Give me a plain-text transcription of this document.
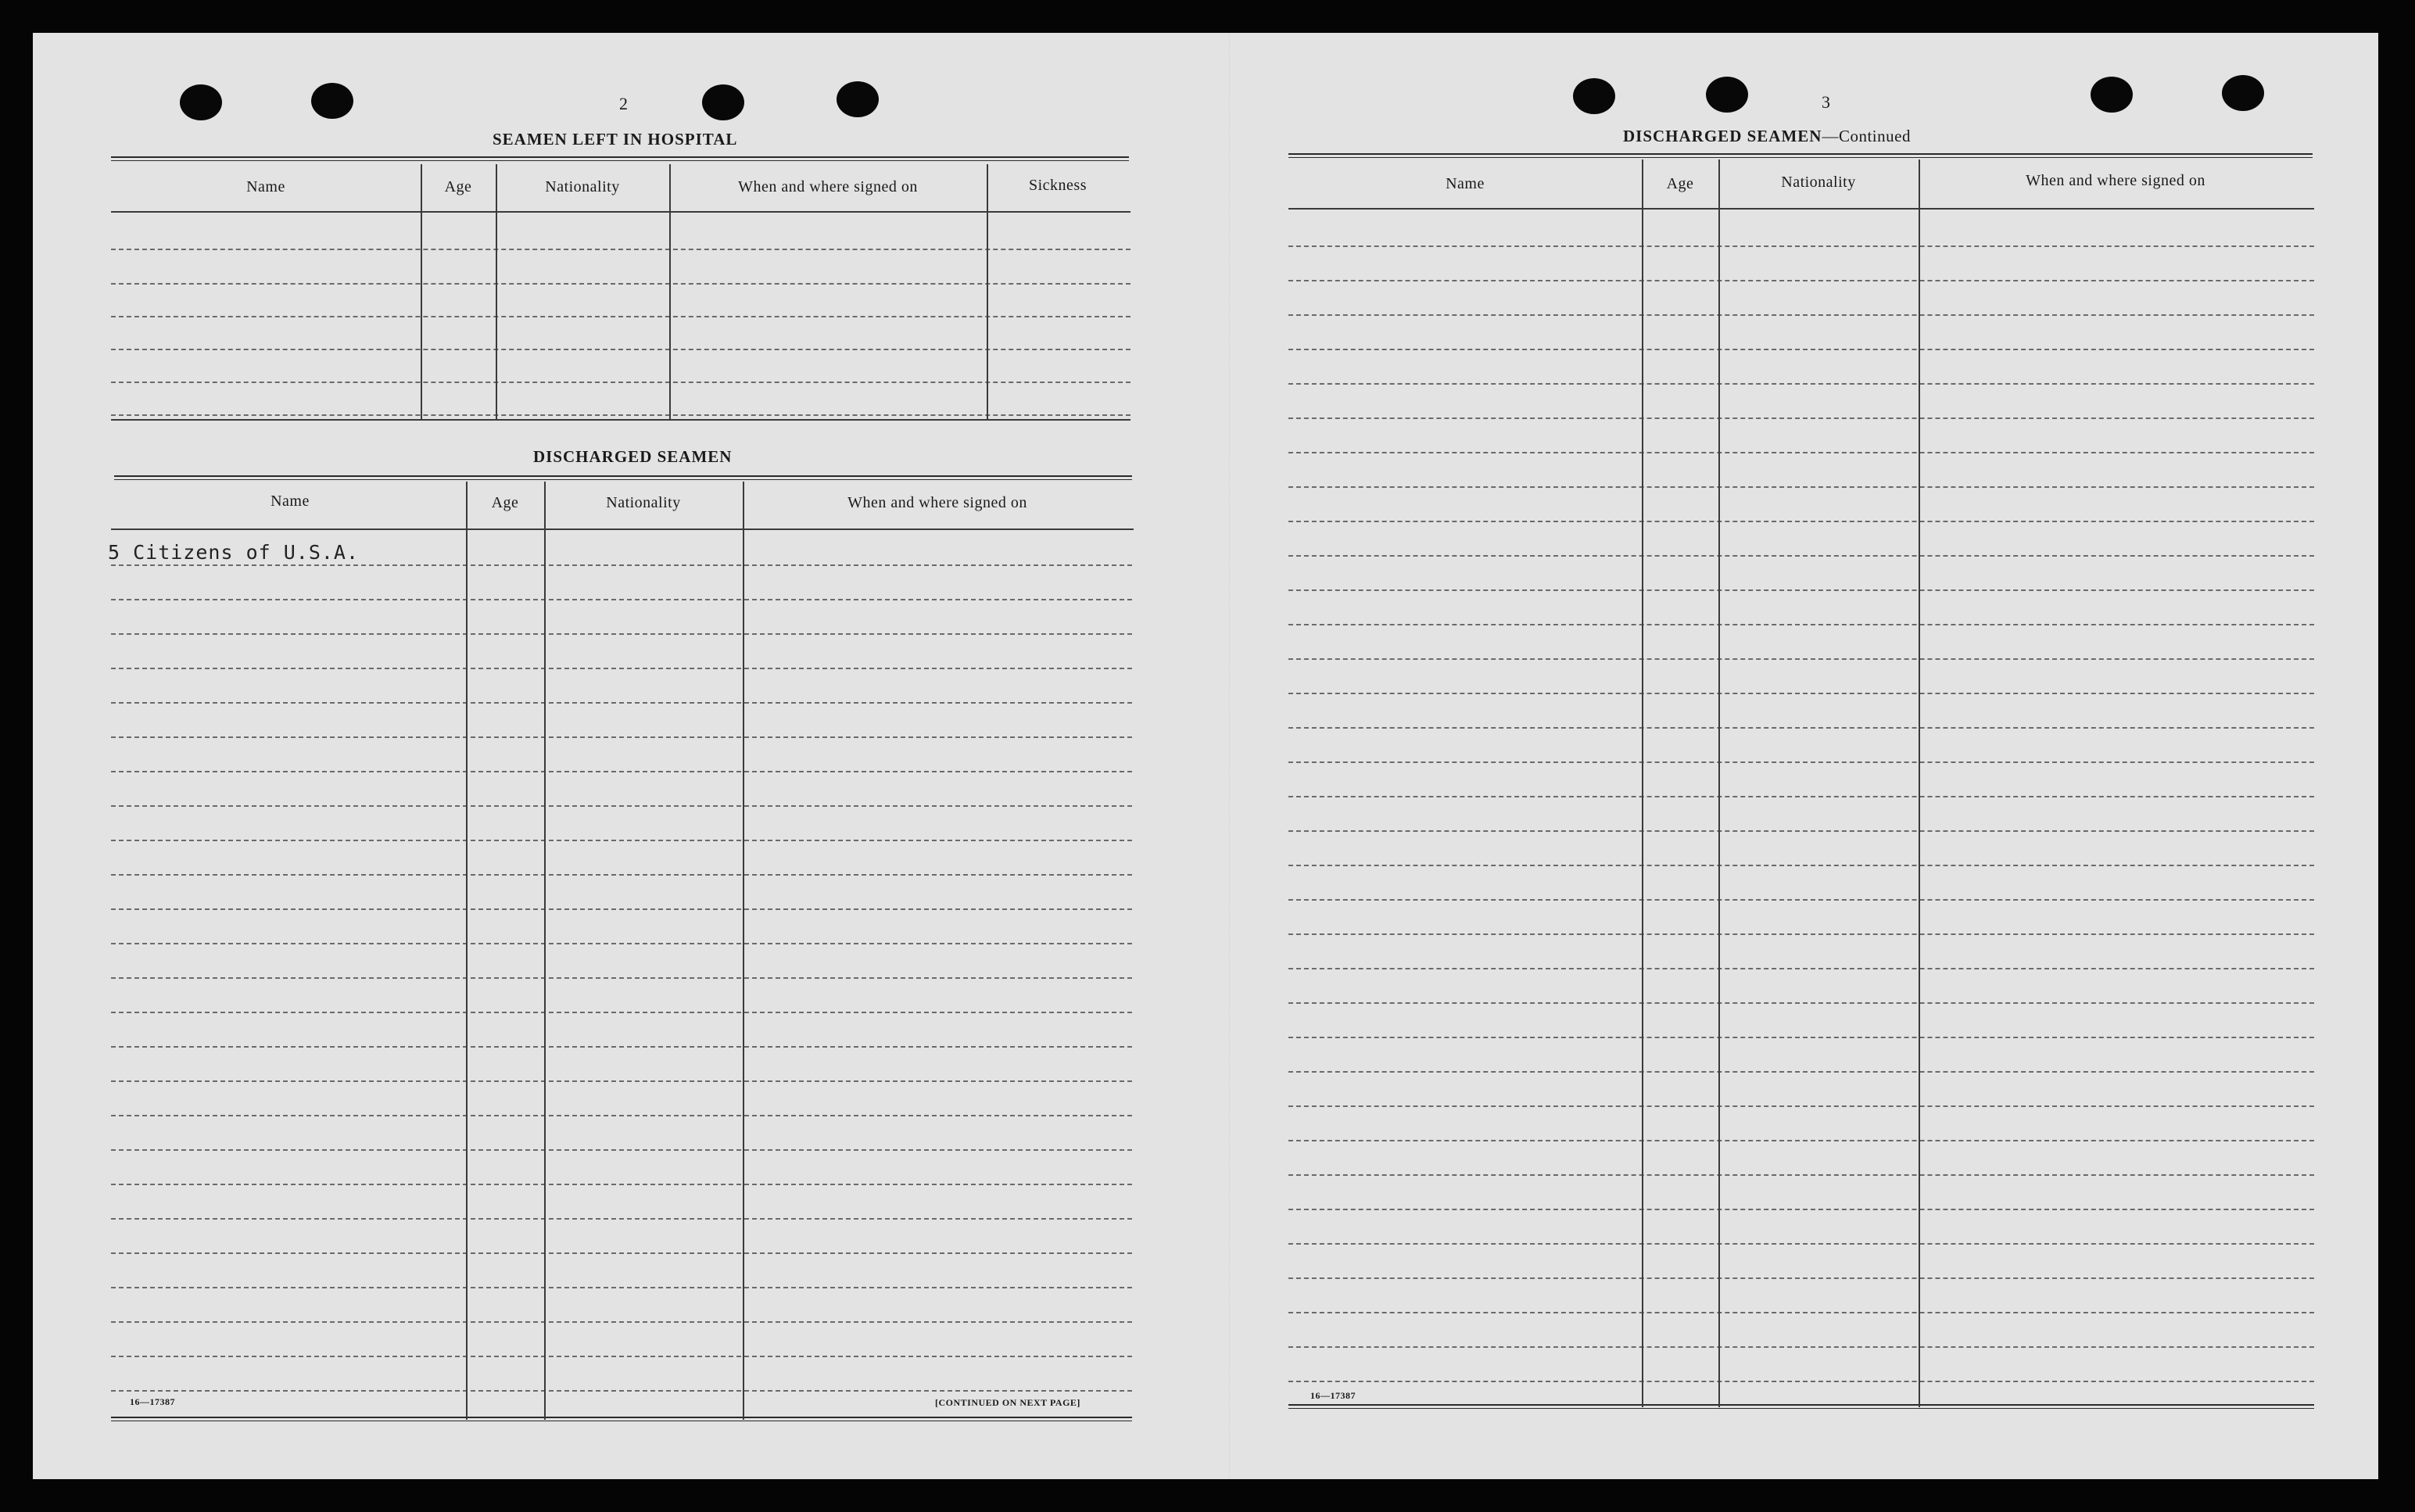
2
SEAMEN LEFT IN HOSPITAL
Name	Age	Nationality	When and where signed on	Sickness
DISCHARGED SEAMEN
Name	Age	Nationality	When and where signed on
5 Citizens of U.S.A.
16—17387	[CONTINUED ON NEXT PAGE]
3
DISCHARGED SEAMEN—Continued
Name	Age	Nationality	When and where signed on
16—17387
